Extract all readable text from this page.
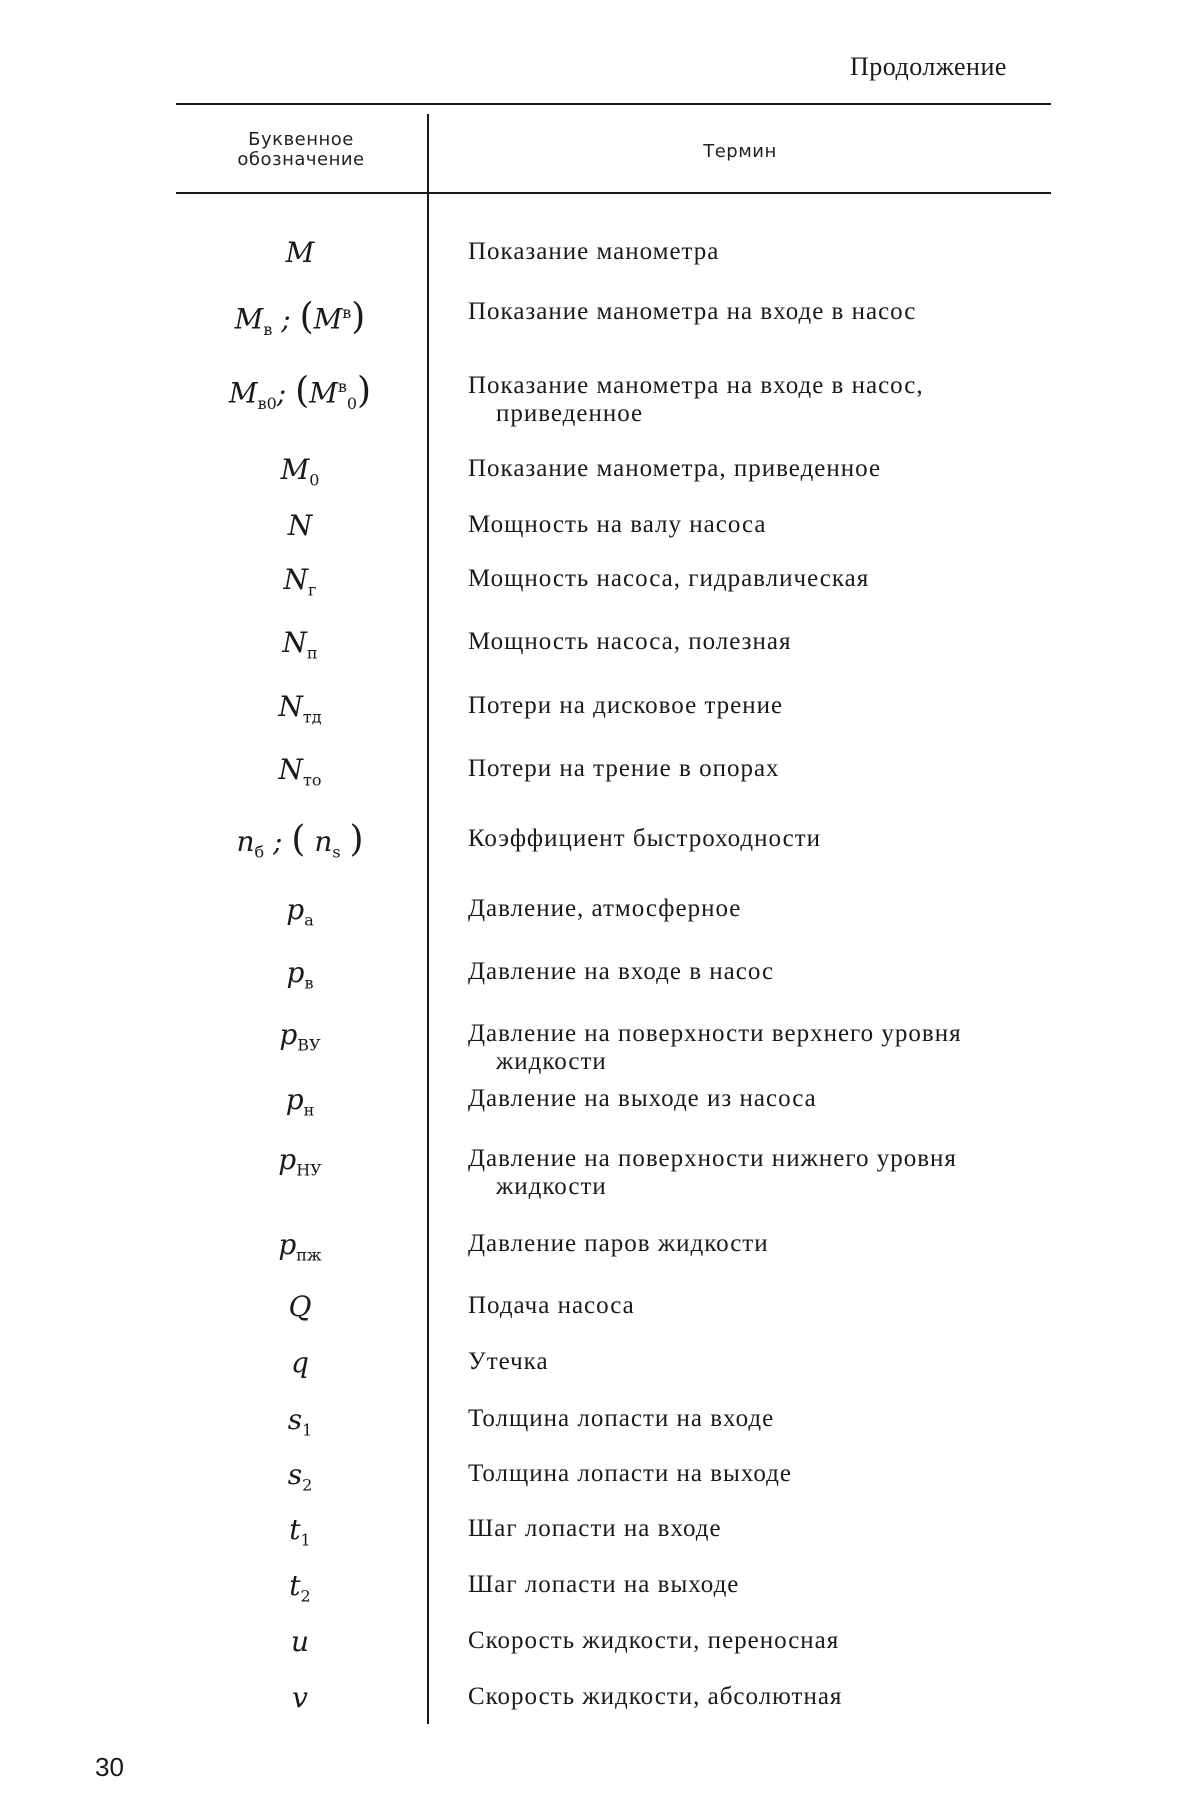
Продолжение
Буквенное
обозначение	Термин
M	Показание манометра
Mв ; (Mв)	Показание манометра на входе в насос
Mв0; (Mв0)	Показание манометра на входе в насос,
приведенное
M0	Показание манометра, приведенное
N	Мощность на валу насоса
Nг	Мощность насоса, гидравлическая
Nп	Мощность насоса, полезная
Nтд	Потери на дисковое трение
Nто	Потери на трение в опорах
nб ; ( ns )	Коэффициент быстроходности
pа	Давление, атмосферное
pв	Давление на входе в насос
pВУ	Давление на поверхности верхнего уровня
жидкости
pн	Давление на выходе из насоса
pНУ	Давление на поверхности нижнего уровня
жидкости
pпж	Давление паров жидкости
Q	Подача насоса
q	Утечка
s1	Толщина лопасти на входе
s2	Толщина лопасти на выходе
t1	Шаг лопасти на входе
t2	Шаг лопасти на выходе
u	Скорость жидкости, переносная
v	Скорость жидкости, абсолютная
30
